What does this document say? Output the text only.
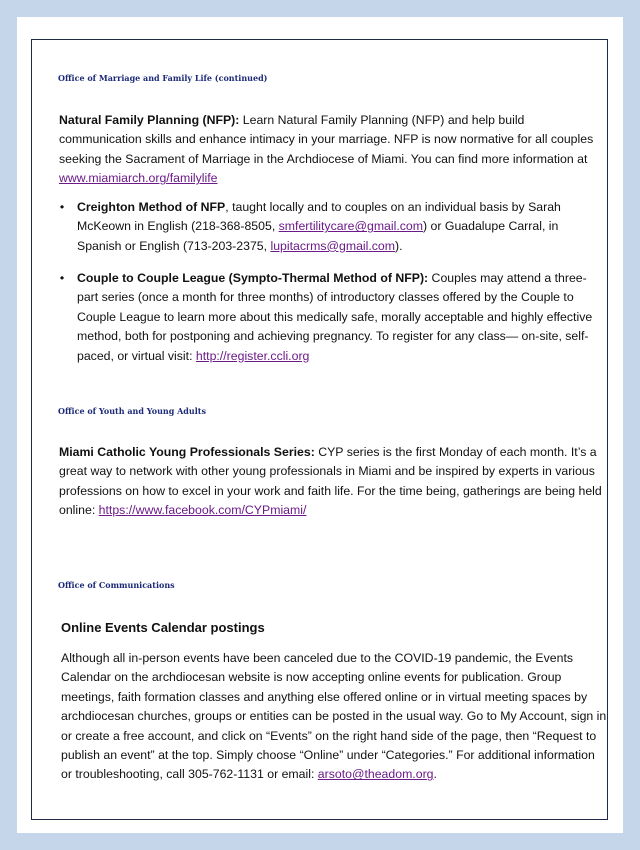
Office of Marriage and Family Life (continued)

Natural Family Planning (NFP): Learn Natural Family Planning (NFP) and help build communication skills and enhance intimacy in your marriage. NFP is now normative for all couples seeking the Sacrament of Marriage in the Archdiocese of Miami. You can find more information at www.miamiarch.org/familylife

•	Creighton Method of NFP, taught locally and to couples on an individual basis by Sarah McKeown in English (218-368-8505, smfertilitycare@gmail.com) or Guadalupe Carral, in Spanish or English (713-203-2375, lupitacrms@gmail.com).

•	Couple to Couple League (Sympto-Thermal Method of NFP): Couples may attend a three-part series (once a month for three months) of introductory classes offered by the Couple to Couple League to learn more about this medically safe, morally acceptable and highly effective method, both for postponing and achieving pregnancy. To register for any class— on-site, self-paced, or virtual visit: http://register.ccli.org

Office of Youth and Young Adults

Miami Catholic Young Professionals Series: CYP series is the first Monday of each month. It’s a great way to network with other young professionals in Miami and be inspired by experts in various professions on how to excel in your work and faith life. For the time being, gatherings are being held online: https://www.facebook.com/CYPmiami/

Office of Communications
Online Events Calendar postings

Although all in-person events have been canceled due to the COVID-19 pandemic, the Events Calendar on the archdiocesan website is now accepting online events for publication. Group meetings, faith formation classes and anything else offered online or in virtual meeting spaces by archdiocesan churches, groups or entities can be posted in the usual way. Go to My Account, sign in or create a free account, and click on “Events” on the right hand side of the page, then “Request to publish an event” at the top. Simply choose “Online” under “Categories.” For additional information or troubleshooting, call 305-762-1131 or email: arsoto@theadom.org.
